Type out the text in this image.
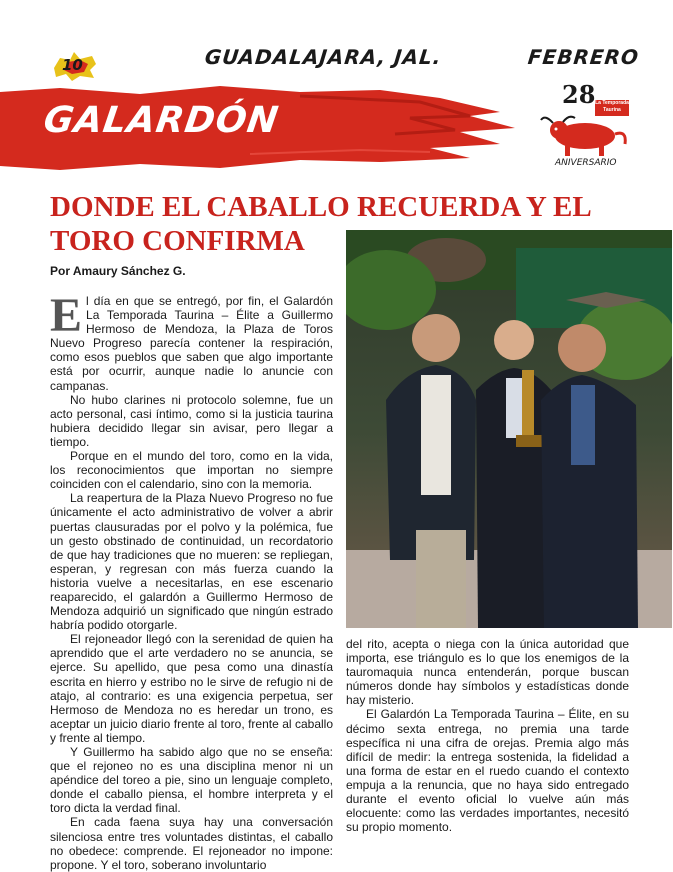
10	GUADALAJARA, JAL.	FEBRERO
GALARDÓN
28 La Temporada Taurina
ANIVERSARIO
DONDE EL CABALLO RECUERDA Y EL
TORO CONFIRMA
Por Amaury Sánchez G.

El día en que se entregó, por fin, el Galardón La Temporada Taurina – Élite a Guillermo Hermoso de Mendoza, la Plaza de Toros Nuevo Progreso parecía contener la respiración, como esos pueblos que saben que algo importante está por ocurrir, aunque nadie lo anuncie con campanas.

No hubo clarines ni protocolo solemne, fue un acto personal, casi íntimo, como si la justicia taurina hubiera decidido llegar sin avisar, pero llegar a tiempo.

Porque en el mundo del toro, como en la vida, los reconocimientos que importan no siempre coinciden con el calendario, sino con la memoria.

La reapertura de la Plaza Nuevo Progreso no fue únicamente el acto administrativo de volver a abrir puertas clausuradas por el polvo y la polémica, fue un gesto obstinado de continuidad, un recordatorio de que hay tradiciones que no mueren: se repliegan, esperan, y regresan con más fuerza cuando la historia vuelve a necesitarlas, en ese escenario reaparecido, el galardón a Guillermo Hermoso de Mendoza adquirió un significado que ningún estrado habría podido otorgarle.

El rejoneador llegó con la serenidad de quien ha aprendido que el arte verdadero no se anuncia, se ejerce. Su apellido, que pesa como una dinastía escrita en hierro y estribo no le sirve de refugio ni de atajo, al contrario: es una exigencia perpetua, ser Hermoso de Mendoza no es heredar un trono, es aceptar un juicio diario frente al toro, frente al caballo y frente al tiempo.

Y Guillermo ha sabido algo que no se enseña: que el rejoneo no es una disciplina menor ni un apéndice del toreo a pie, sino un lenguaje completo, donde el caballo piensa, el hombre interpreta y el toro dicta la verdad final.

En cada faena suya hay una conversación silenciosa entre tres voluntades distintas, el caballo no obedece: comprende. El rejoneador no impone: propone. Y el toro, soberano involuntario

del rito, acepta o niega con la única autoridad que importa, ese triángulo es lo que los enemigos de la tauromaquia nunca entenderán, porque buscan números donde hay símbolos y estadísticas donde hay misterio.

El Galardón La Temporada Taurina – Élite, en su décimo sexta entrega, no premia una tarde específica ni una cifra de orejas. Premia algo más difícil de medir: la entrega sostenida, la fidelidad a una forma de estar en el ruedo cuando el contexto empuja a la renuncia, que no haya sido entregado durante el evento oficial lo vuelve aún más elocuente: como las verdades importantes, necesitó su propio momento.
